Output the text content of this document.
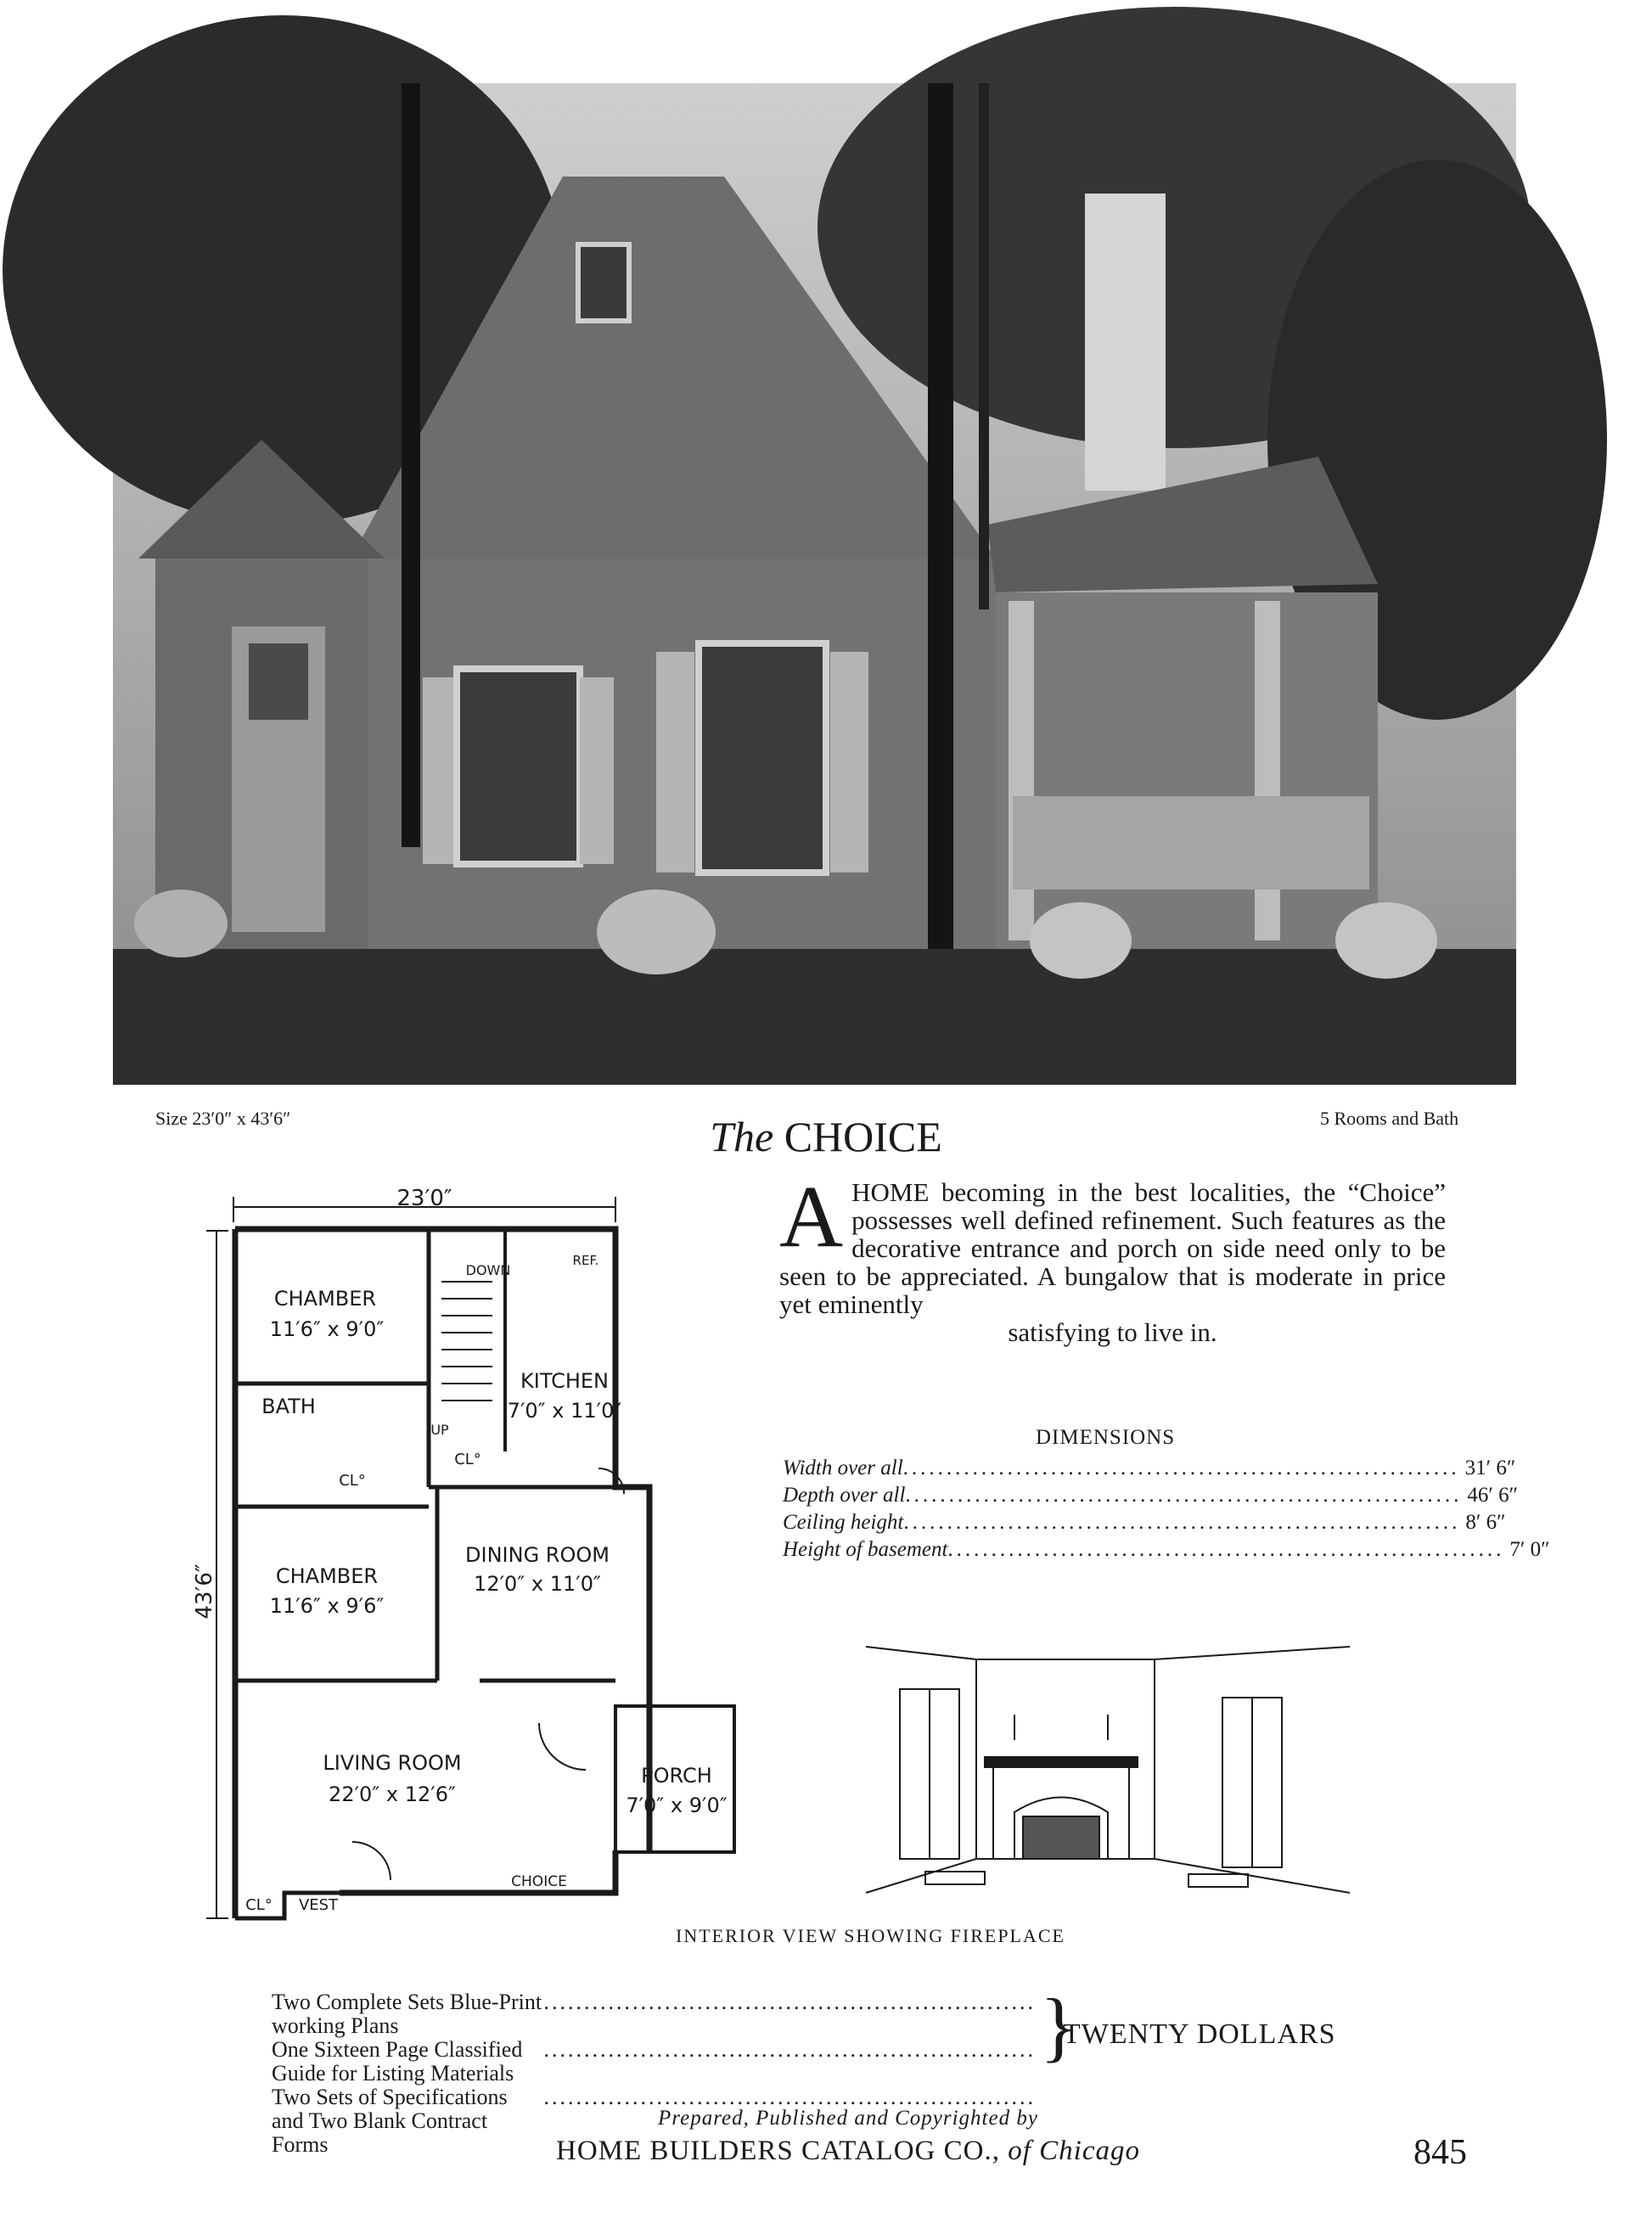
Size 23′0″ x 43′6″	5 Rooms and Bath
The CHOICE
AHOME becoming in the best localities, the “Choice” possesses well defined refinement. Such features as the decorative entrance and porch on side need only to be seen to be appreciated. A bungalow that is moderate in price yet eminently
satisfying to live in.
DIMENSIONS
Width over all ................................................................ 31′ 6″
Depth over all ................................................................ 46′ 6″
Ceiling height ................................................................ 8′ 6″
Height of basement ................................................................ 7′ 0″
CHAMBER
11′6″ x 9′0″
KITCHEN
7′0″ x 11′0″
BATH
DINING ROOM
12′0″ x 11′0″
CHAMBER
11′6″ x 9′6″
LIVING ROOM
22′0″ x 12′6″
PORCH
7′0″ x 9′0″
23′0″
DOWN
UP
REF.
CL°
CL°
CL° VEST
CHOICE
43′6″
INTERIOR VIEW SHOWING FIREPLACE
Two Complete Sets Blue-Print working Plans
.............................................................
One Sixteen Page Classified Guide for Listing Materials
.............................................................
Two Sets of Specifications and Two Blank Contract Forms
.............................................................
}
TWENTY DOLLARS
Prepared, Published and Copyrighted by
HOME BUILDERS CATALOG CO., of Chicago	845
